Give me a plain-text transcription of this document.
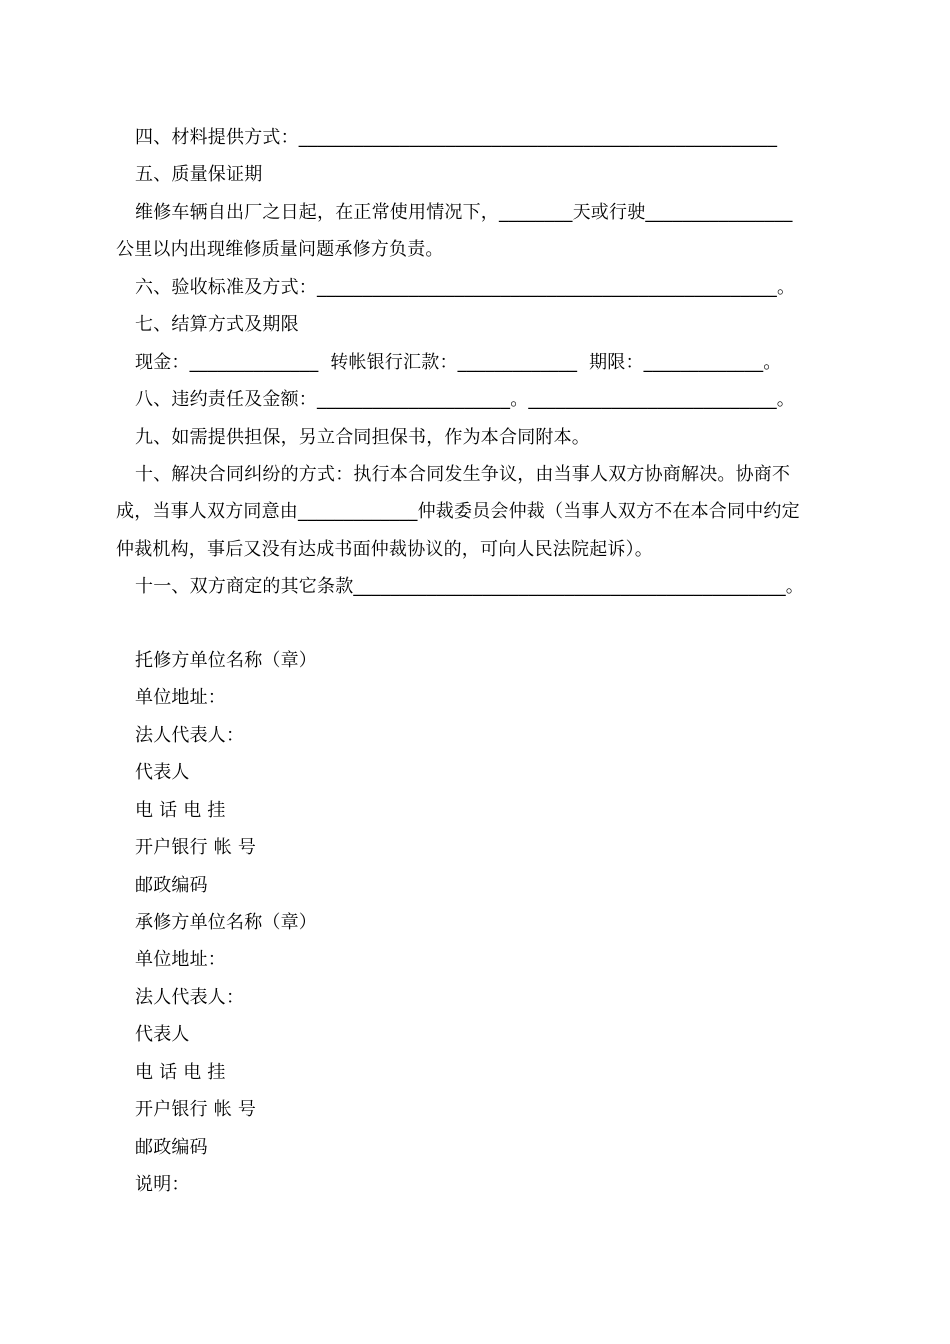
四、材料提供方式：____________________________________________________
五、质量保证期
维修车辆自出厂之日起，在正常使用情况下，________天或行驶________________
公里以内出现维修质量问题承修方负责。
六、验收标准及方式：__________________________________________________。
七、结算方式及期限
现金：______________  转帐银行汇款：_____________  期限：_____________。
八、违约责任及金额：_____________________。___________________________。
九、如需提供担保，另立合同担保书，作为本合同附本。
十、解决合同纠纷的方式：执行本合同发生争议，由当事人双方协商解决。协商不
成，当事人双方同意由_____________仲裁委员会仲裁（当事人双方不在本合同中约定
仲裁机构，事后又没有达成书面仲裁协议的，可向人民法院起诉）。
十一、双方商定的其它条款_______________________________________________。
托修方单位名称（章）
单位地址：
法人代表人：
代表人
电 话 电 挂
开户银行 帐 号
邮政编码
承修方单位名称（章）
单位地址：
法人代表人：
代表人
电 话 电 挂
开户银行 帐 号
邮政编码
说明：
